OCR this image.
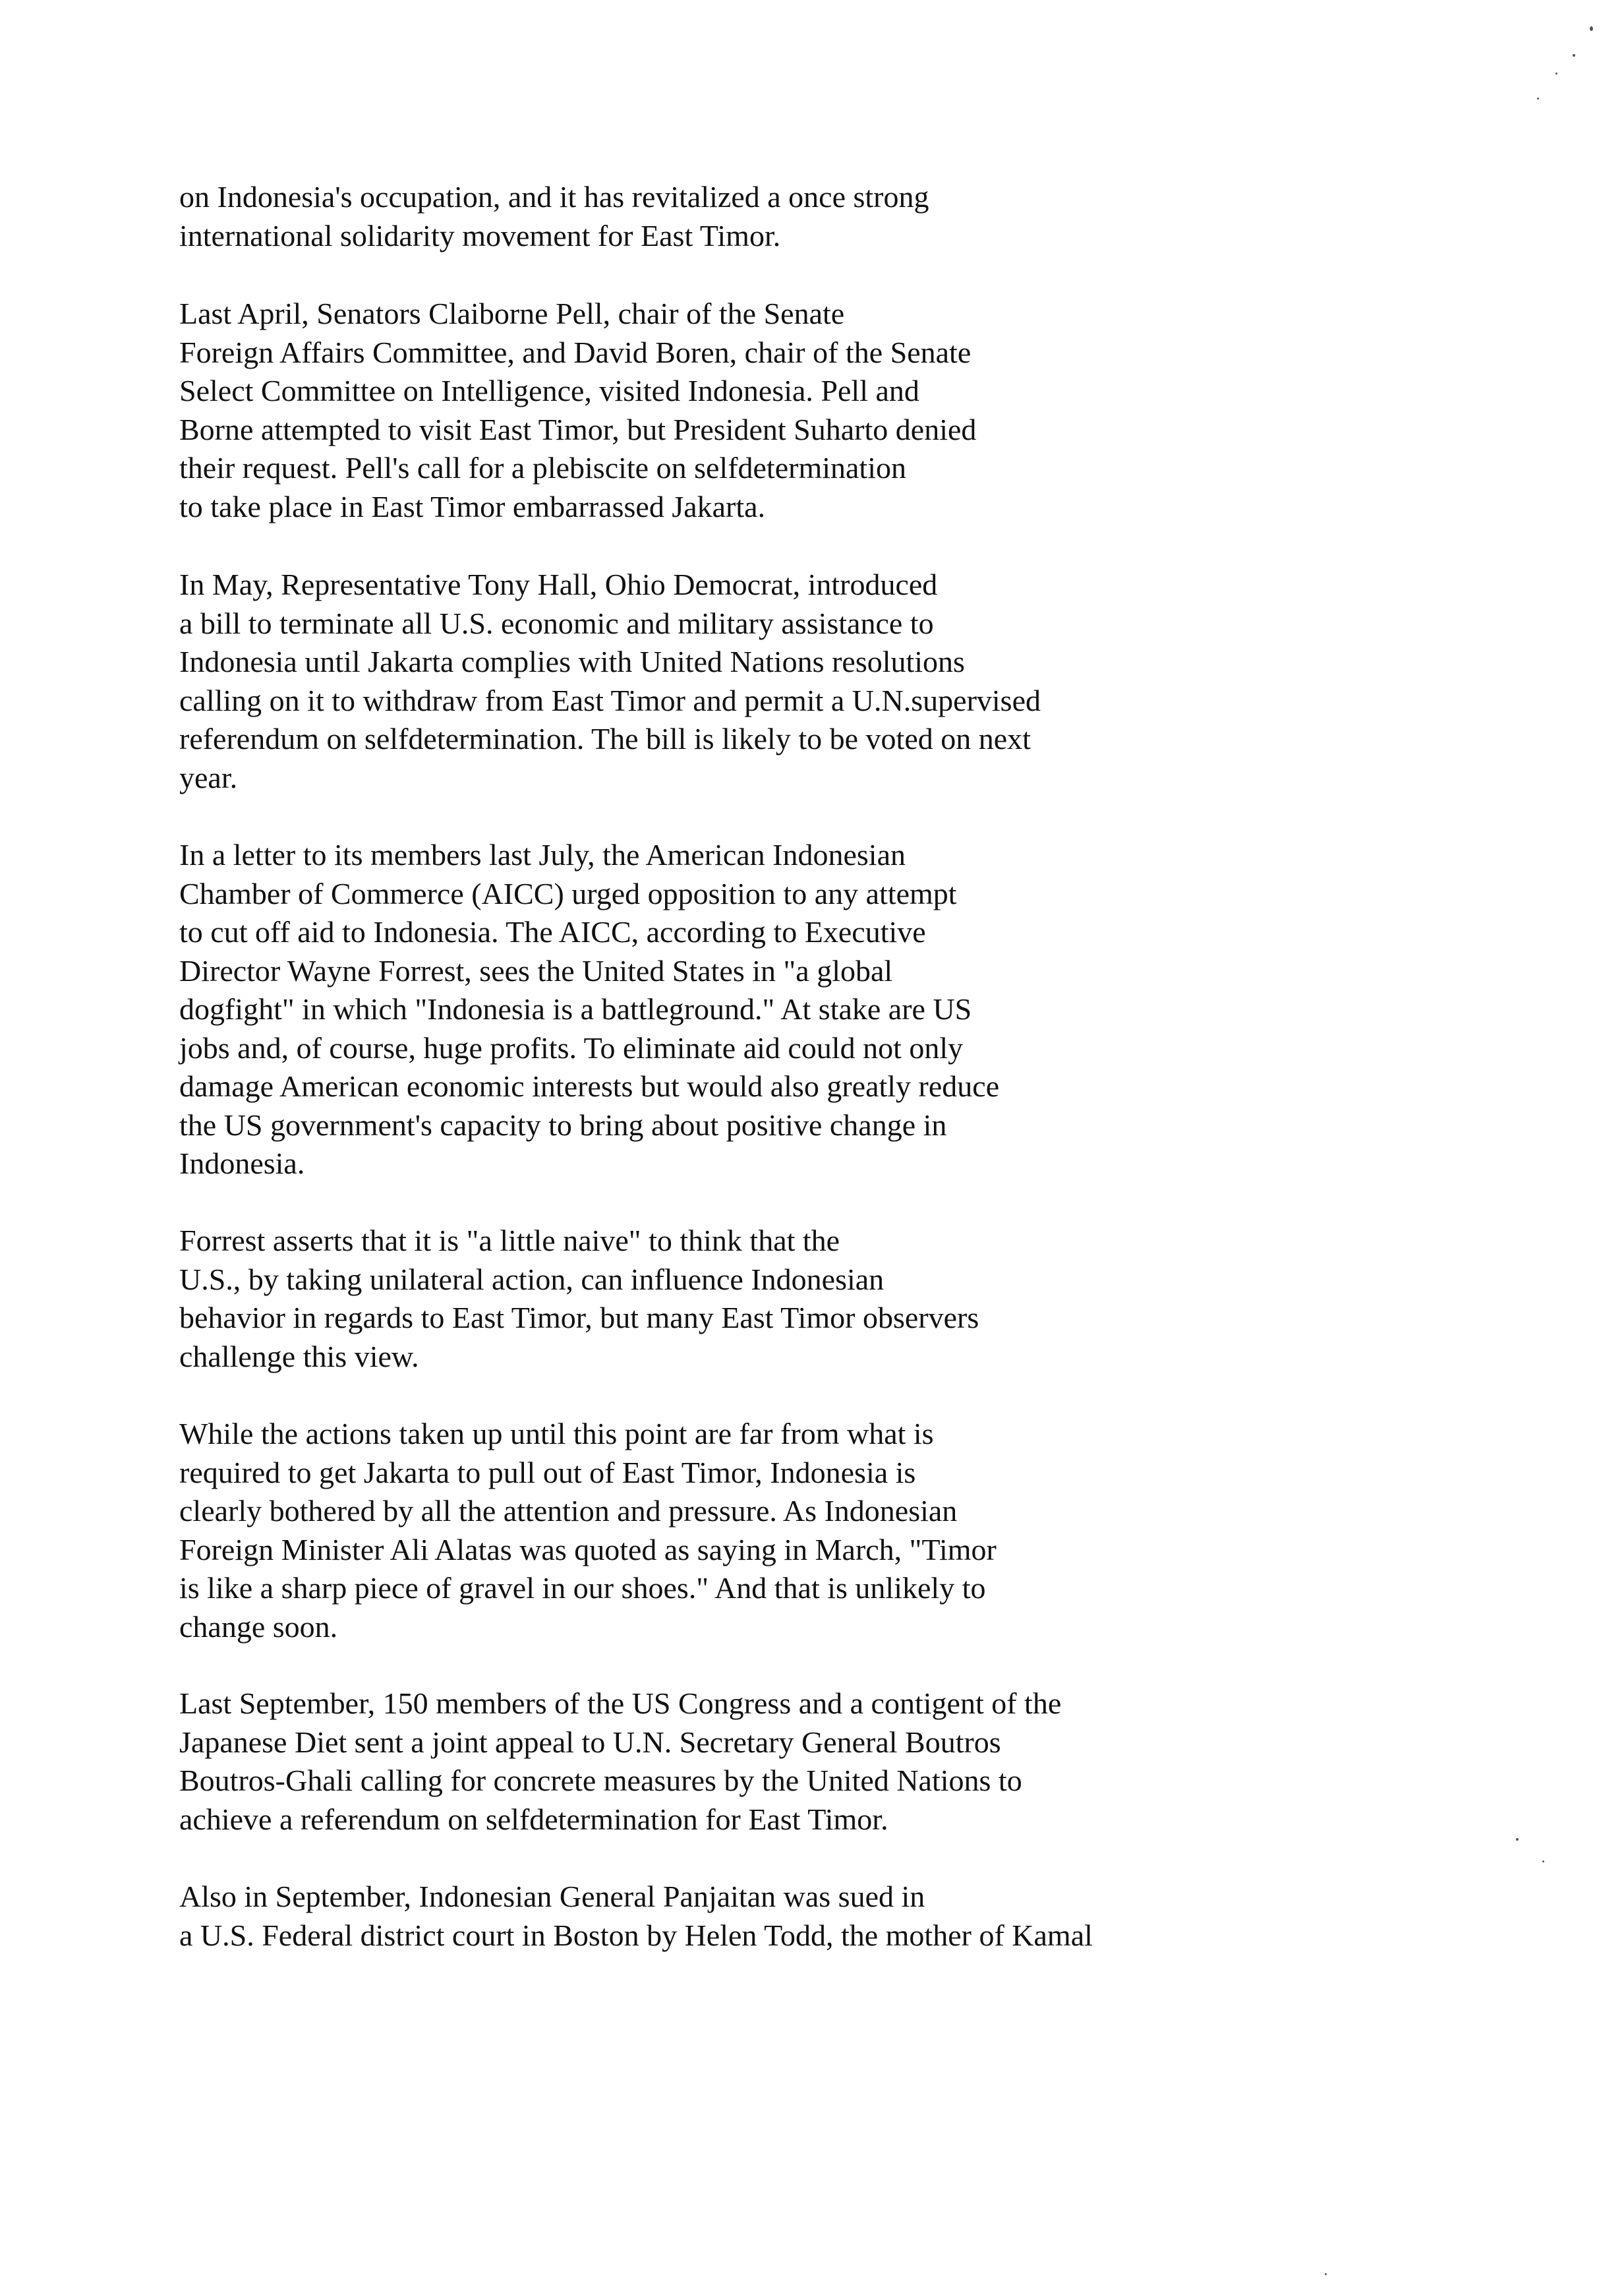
on Indonesia's occupation, and it has revitalized a once strong
international solidarity movement for East Timor.

Last April, Senators Claiborne Pell, chair of the Senate
Foreign Affairs Committee, and David Boren, chair of the Senate
Select Committee on Intelligence, visited Indonesia. Pell and
Borne attempted to visit East Timor, but President Suharto denied
their request. Pell's call for a plebiscite on selfdetermination
to take place in East Timor embarrassed Jakarta.

In May, Representative Tony Hall, Ohio Democrat, introduced
a bill to terminate all U.S. economic and military assistance to
Indonesia until Jakarta complies with United Nations resolutions
calling on it to withdraw from East Timor and permit a U.N.supervised
referendum on selfdetermination. The bill is likely to be voted on next
year.

In a letter to its members last July, the American Indonesian
Chamber of Commerce (AICC) urged opposition to any attempt
to cut off aid to Indonesia. The AICC, according to Executive
Director Wayne Forrest, sees the United States in "a global
dogfight" in which "Indonesia is a battleground." At stake are US
jobs and, of course, huge profits. To eliminate aid could not only
damage American economic interests but would also greatly reduce
the US government's capacity to bring about positive change in
Indonesia.

Forrest asserts that it is "a little naive" to think that the
U.S., by taking unilateral action, can influence Indonesian
behavior in regards to East Timor, but many East Timor observers
challenge this view.

While the actions taken up until this point are far from what is
required to get Jakarta to pull out of East Timor, Indonesia is
clearly bothered by all the attention and pressure. As Indonesian
Foreign Minister Ali Alatas was quoted as saying in March, "Timor
is like a sharp piece of gravel in our shoes." And that is unlikely to
change soon.

Last September, 150 members of the US Congress and a contigent of the
Japanese Diet sent a joint appeal to U.N. Secretary General Boutros
Boutros-Ghali calling for concrete measures by the United Nations to
achieve a referendum on selfdetermination for East Timor.

Also in September, Indonesian General Panjaitan was sued in
a U.S. Federal district court in Boston by Helen Todd, the mother of Kamal
